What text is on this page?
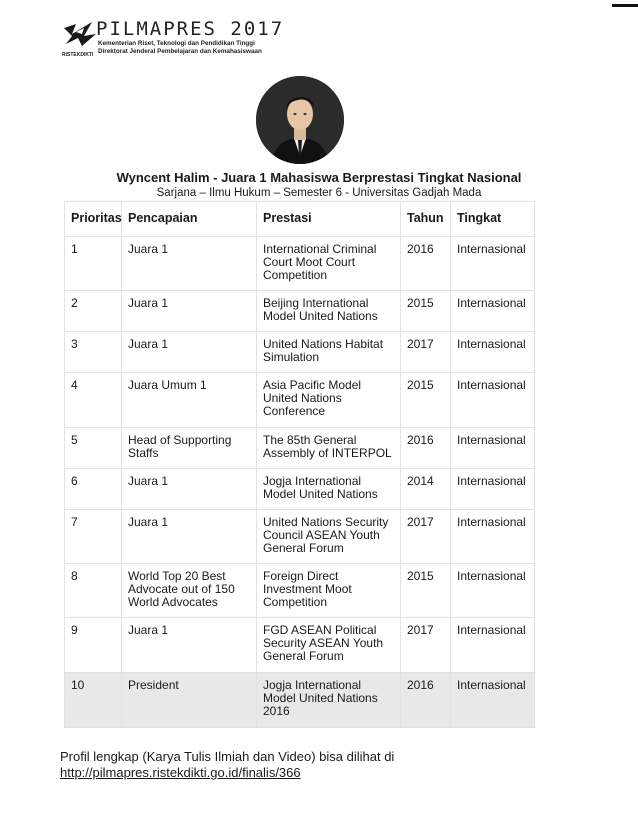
PILMAPRES 2017
RISTEKDIKTI
Kementerian Riset, Teknologi dan Pendidikan Tinggi
Direktorat Jenderal Pembelajaran dan Kemahasiswaan
Wyncent Halim - Juara 1 Mahasiswa Berprestasi Tingkat Nasional
Sarjana – Ilmu Hukum – Semester 6 - Universitas Gadjah Mada
Prioritas	Pencapaian	Prestasi	Tahun	Tingkat
1	Juara 1	International Criminal Court Moot Court Competition	2016	Internasional
2	Juara 1	Beijing International Model United Nations	2015	Internasional
3	Juara 1	United Nations Habitat Simulation	2017	Internasional
4	Juara Umum 1	Asia Pacific Model United Nations Conference	2015	Internasional
5	Head of Supporting Staffs	The 85th General Assembly of INTERPOL	2016	Internasional
6	Juara 1	Jogja International Model United Nations	2014	Internasional
7	Juara 1	United Nations Security Council ASEAN Youth General Forum	2017	Internasional
8	World Top 20 Best Advocate out of 150 World Advocates	Foreign Direct Investment Moot Competition	2015	Internasional
9	Juara 1	FGD ASEAN Political Security ASEAN Youth General Forum	2017	Internasional
10	President	Jogja International Model United Nations 2016	2016	Internasional
Profil lengkap (Karya Tulis Ilmiah dan Video) bisa dilihat di
http://pilmapres.ristekdikti.go.id/finalis/366
